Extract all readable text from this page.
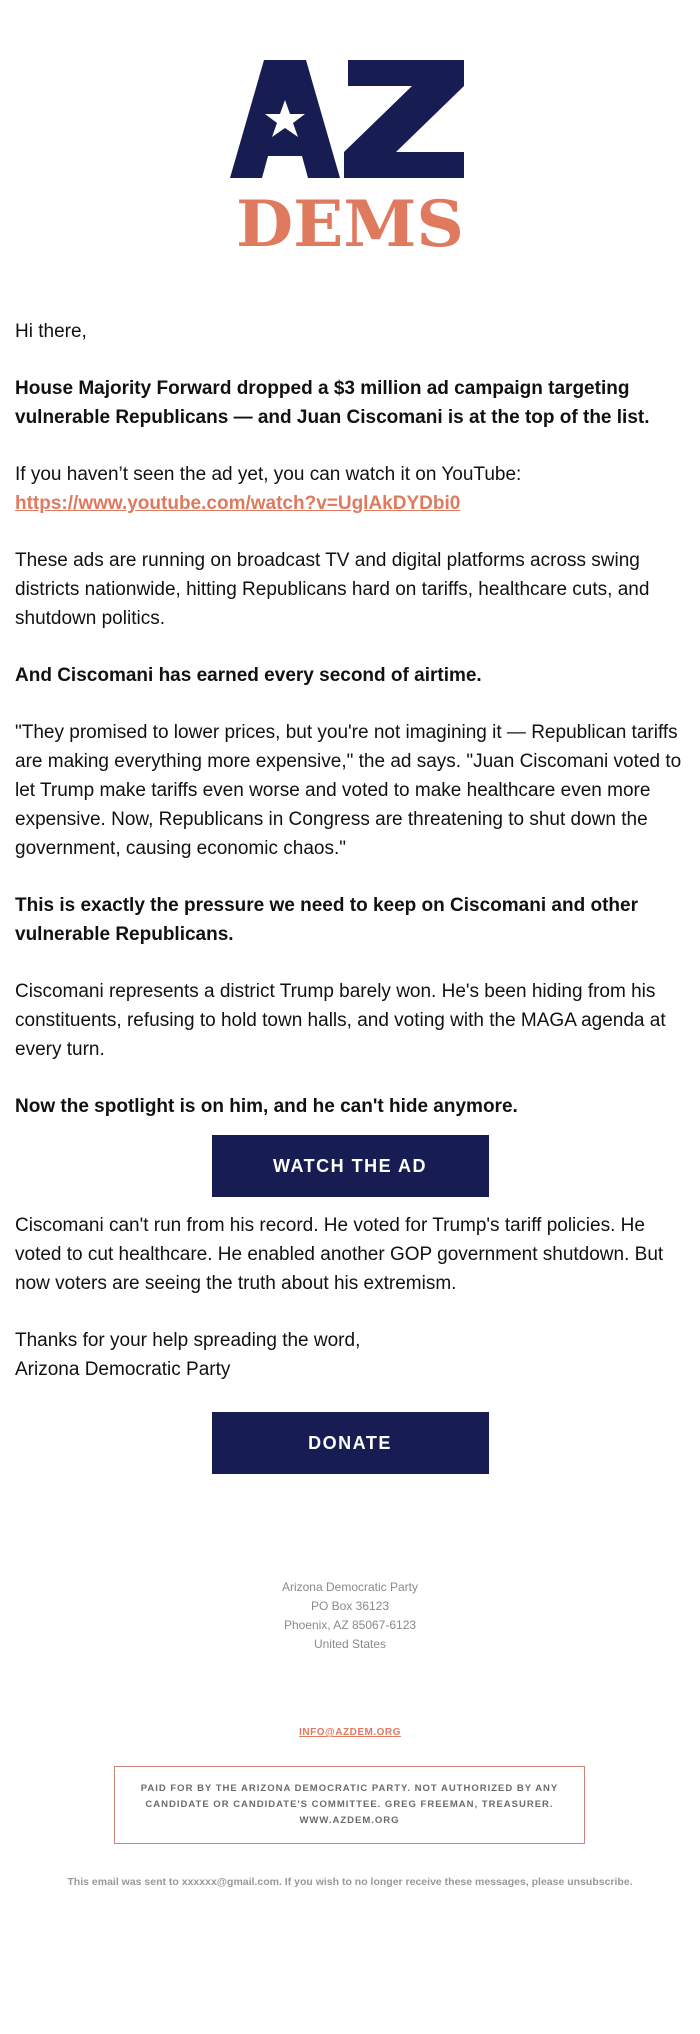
DEMS

Hi there,

House Majority Forward dropped a $3 million ad campaign targeting vulnerable Republicans — and Juan Ciscomani is at the top of the list.

If you haven’t seen the ad yet, you can watch it on YouTube:
https://www.youtube.com/watch?v=UglAkDYDbi0

These ads are running on broadcast TV and digital platforms across swing districts nationwide, hitting Republicans hard on tariffs, healthcare cuts, and shutdown politics.

And Ciscomani has earned every second of airtime.

"They promised to lower prices, but you're not imagining it — Republican tariffs are making everything more expensive," the ad says. "Juan Ciscomani voted to let Trump make tariffs even worse and voted to make healthcare even more expensive. Now, Republicans in Congress are threatening to shut down the government, causing economic chaos."

This is exactly the pressure we need to keep on Ciscomani and other vulnerable Republicans.

Ciscomani represents a district Trump barely won. He's been hiding from his constituents, refusing to hold town halls, and voting with the MAGA agenda at every turn.

Now the spotlight is on him, and he can't hide anymore.

WATCH THE AD

Ciscomani can't run from his record. He voted for Trump's tariff policies. He voted to cut healthcare. He enabled another GOP government shutdown. But now voters are seeing the truth about his extremism.

Thanks for your help spreading the word,
Arizona Democratic Party

DONATE
Arizona Democratic Party
PO Box 36123
Phoenix, AZ 85067-6123
United States
INFO@AZDEM.ORG
PAID FOR BY THE ARIZONA DEMOCRATIC PARTY. NOT AUTHORIZED BY ANY
CANDIDATE OR CANDIDATE'S COMMITTEE. GREG FREEMAN, TREASURER.
WWW.AZDEM.ORG
This email was sent to xxxxxx@gmail.com. If you wish to no longer receive these messages, please unsubscribe.
